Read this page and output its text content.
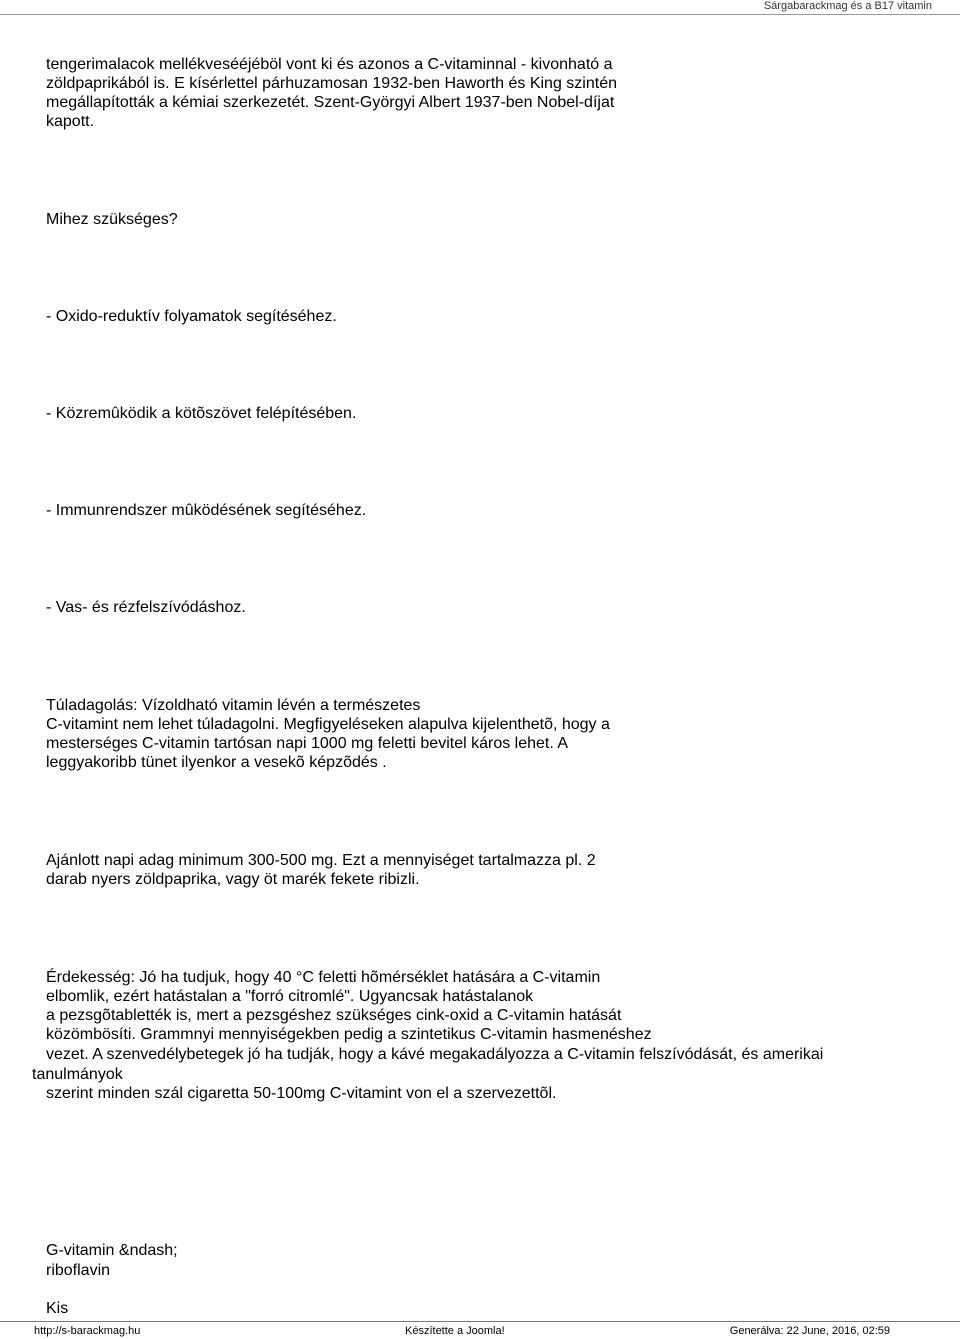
Sárgabarackmag és a B17 vitamin
tengerimalacok mellékvesééjéböl vont ki és azonos a C-vitaminnal - kivonható a
zöldpaprikából is. E kísérlettel párhuzamosan 1932-ben Haworth és King szintén
megállapították a kémiai szerkezetét. Szent-Györgyi Albert 1937-ben Nobel-díjat
kapott.
Mihez szükséges?
- Oxido-reduktív folyamatok segítéséhez.
- Közremûködik a kötõszövet felépítésében.
- Immunrendszer mûködésének segítéséhez.
- Vas- és rézfelszívódáshoz.
Túladagolás: Vízoldható vitamin lévén a természetes
C-vitamint nem lehet túladagolni. Megfigyeléseken alapulva kijelenthetõ, hogy a
mesterséges C-vitamin tartósan napi 1000 mg feletti bevitel káros lehet. A
leggyakoribb tünet ilyenkor a vesekõ képzõdés .
Ajánlott napi adag minimum 300-500 mg. Ezt a mennyiséget tartalmazza pl. 2
darab nyers zöldpaprika, vagy öt marék fekete ribizli.
Érdekesség: Jó ha tudjuk, hogy 40 °C feletti hõmérséklet hatására a C-vitamin
elbomlik, ezért hatástalan a "forró citromlé". Ugyancsak hatástalanok
a pezsgõtablették is, mert a pezsgéshez szükséges cink-oxid a C-vitamin hatását
közömbösíti. Grammnyi mennyiségekben pedig a szintetikus C-vitamin hasmenéshez
vezet. A szenvedélybetegek jó ha tudják, hogy a kávé megakadályozza a C-vitamin felszívódását, és amerikai
tanulmányok
szerint minden szál cigaretta 50-100mg C-vitamint von el a szervezettõl.
G-vitamin &ndash;
riboflavin
Kis
http://s-barackmag.hu	Készítette a Joomla!	Generálva: 22 June, 2016, 02:59
